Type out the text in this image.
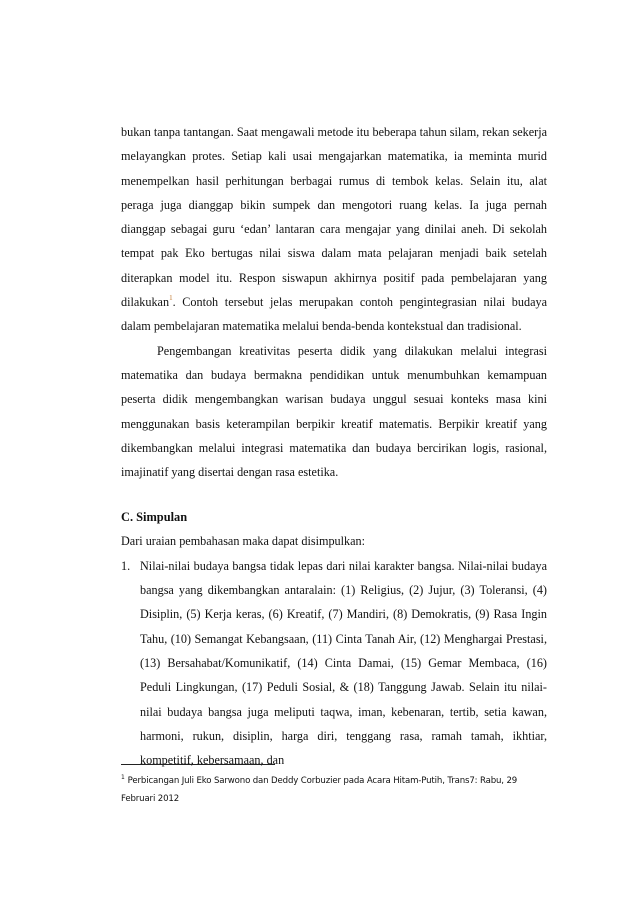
bukan tanpa tantangan. Saat mengawali metode itu beberapa tahun silam, rekan sekerja melayangkan protes. Setiap kali usai mengajarkan matematika, ia meminta murid menempelkan hasil perhitungan berbagai rumus di tembok kelas. Selain itu, alat peraga juga dianggap bikin sumpek dan mengotori ruang kelas. Ia juga pernah dianggap sebagai guru ‘edan’ lantaran cara mengajar yang dinilai aneh. Di sekolah tempat pak Eko bertugas nilai siswa dalam mata pelajaran menjadi baik setelah diterapkan model itu. Respon siswapun akhirnya positif pada pembelajaran yang dilakukan$^1$. Contoh tersebut jelas merupakan contoh pengintegrasian nilai budaya dalam pembelajaran matematika melalui benda-benda kontekstual dan tradisional.

Pengembangan kreativitas peserta didik yang dilakukan melalui integrasi matematika dan budaya bermakna pendidikan untuk menumbuhkan kemampuan peserta didik mengembangkan warisan budaya unggul sesuai konteks masa kini menggunakan basis keterampilan berpikir kreatif matematis. Berpikir kreatif yang dikembangkan melalui integrasi matematika dan budaya bercirikan logis, rasional, imajinatif yang disertai dengan rasa estetika.

C. Simpulan

Dari uraian pembahasan maka dapat disimpulkan:

1. Nilai-nilai budaya bangsa tidak lepas dari nilai karakter bangsa. Nilai-nilai budaya bangsa yang dikembangkan antaralain: (1) Religius, (2) Jujur, (3) Toleransi, (4) Disiplin, (5) Kerja keras, (6) Kreatif, (7) Mandiri, (8) Demokratis, (9) Rasa Ingin Tahu, (10) Semangat Kebangsaan, (11) Cinta Tanah Air, (12) Menghargai Prestasi, (13) Bersahabat/Komunikatif, (14) Cinta Damai, (15) Gemar Membaca, (16) Peduli Lingkungan, (17) Peduli Sosial, & (18) Tanggung Jawab. Selain itu nilai-nilai budaya bangsa juga meliputi taqwa, iman, kebenaran, tertib, setia kawan, harmoni, rukun, disiplin, harga diri, tenggang rasa, ramah tamah, ikhtiar, kompetitif, kebersamaan, dan
$^1$ Perbicangan Juli Eko Sarwono dan Deddy Corbuzier pada Acara Hitam-Putih, Trans7: Rabu, 29 Februari 2012
